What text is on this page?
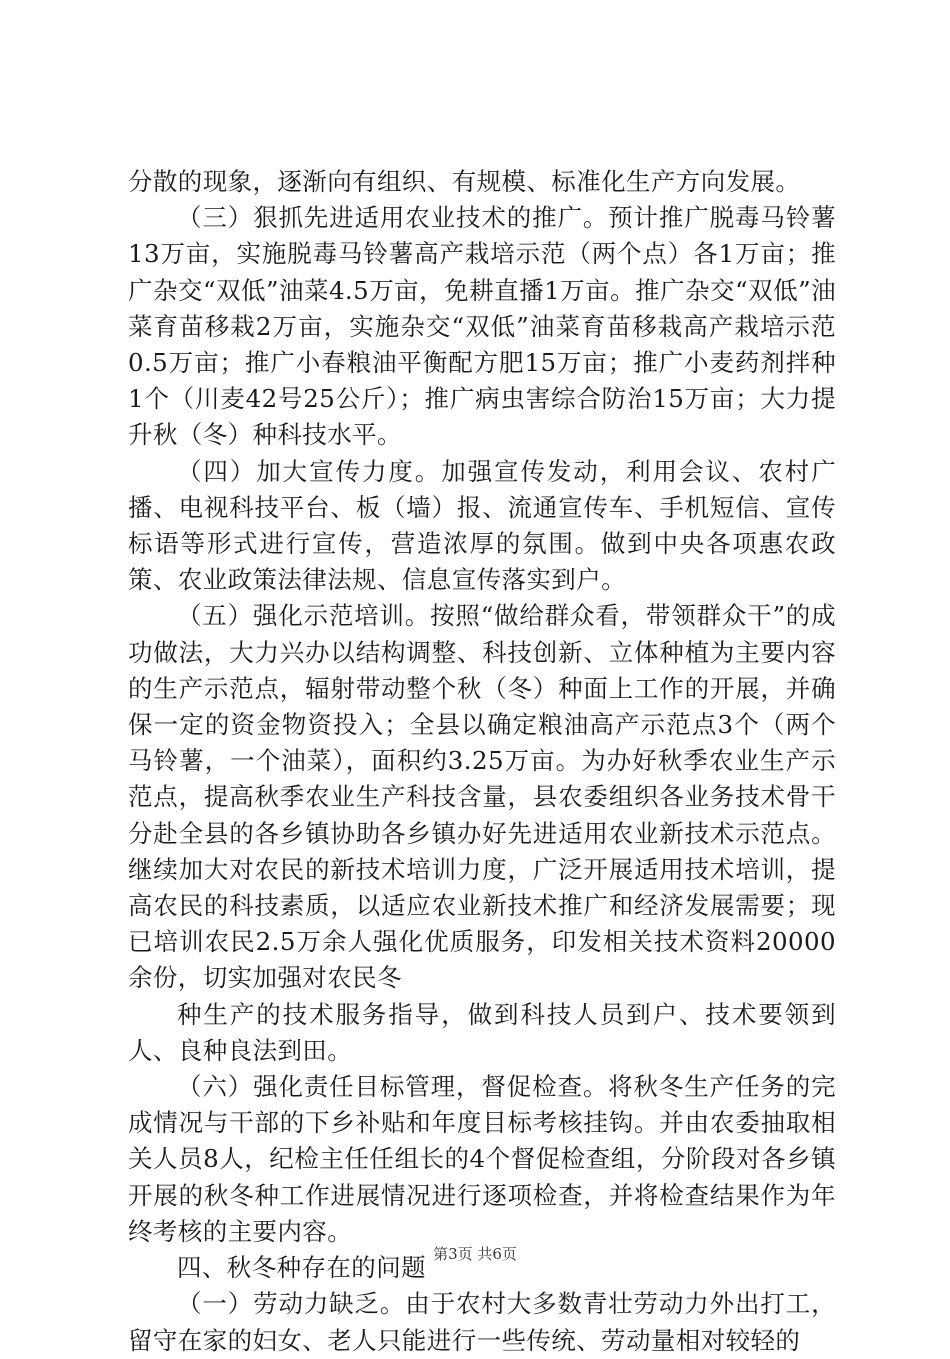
分散的现象，逐渐向有组织、有规模、标准化生产方向发展。

（三）狠抓先进适用农业技术的推广。预计推广脱毒马铃薯13万亩，实施脱毒马铃薯高产栽培示范（两个点）各1万亩；推广杂交“双低”油菜4.5万亩，免耕直播1万亩。推广杂交“双低”油菜育苗移栽2万亩，实施杂交“双低”油菜育苗移栽高产栽培示范0.5万亩；推广小春粮油平衡配方肥15万亩；推广小麦药剂拌种1个（川麦42号25公斤）；推广病虫害综合防治15万亩；大力提升秋（冬）种科技水平。

（四）加大宣传力度。加强宣传发动，利用会议、农村广播、电视科技平台、板（墙）报、流通宣传车、手机短信、宣传标语等形式进行宣传，营造浓厚的氛围。做到中央各项惠农政策、农业政策法律法规、信息宣传落实到户。

（五）强化示范培训。按照“做给群众看，带领群众干”的成功做法，大力兴办以结构调整、科技创新、立体种植为主要内容的生产示范点，辐射带动整个秋（冬）种面上工作的开展，并确保一定的资金物资投入；全县以确定粮油高产示范点3个（两个马铃薯，一个油菜），面积约3.25万亩。为办好秋季农业生产示范点，提高秋季农业生产科技含量，县农委组织各业务技术骨干分赴全县的各乡镇协助各乡镇办好先进适用农业新技术示范点。继续加大对农民的新技术培训力度，广泛开展适用技术培训，提高农民的科技素质，以适应农业新技术推广和经济发展需要；现已培训农民2.5万余人强化优质服务，印发相关技术资料20000余份，切实加强对农民冬

种生产的技术服务指导，做到科技人员到户、技术要领到人、良种良法到田。

（六）强化责任目标管理，督促检查。将秋冬生产任务的完成情况与干部的下乡补贴和年度目标考核挂钩。并由农委抽取相关人员8人，纪检主任任组长的4个督促检查组，分阶段对各乡镇开展的秋冬种工作进展情况进行逐项检查，并将检查结果作为年终考核的主要内容。

四、秋冬种存在的问题

（一）劳动力缺乏。由于农村大多数青壮劳动力外出打工，留守在家的妇女、老人只能进行一些传统、劳动量相对较轻的

第3页 共6页
